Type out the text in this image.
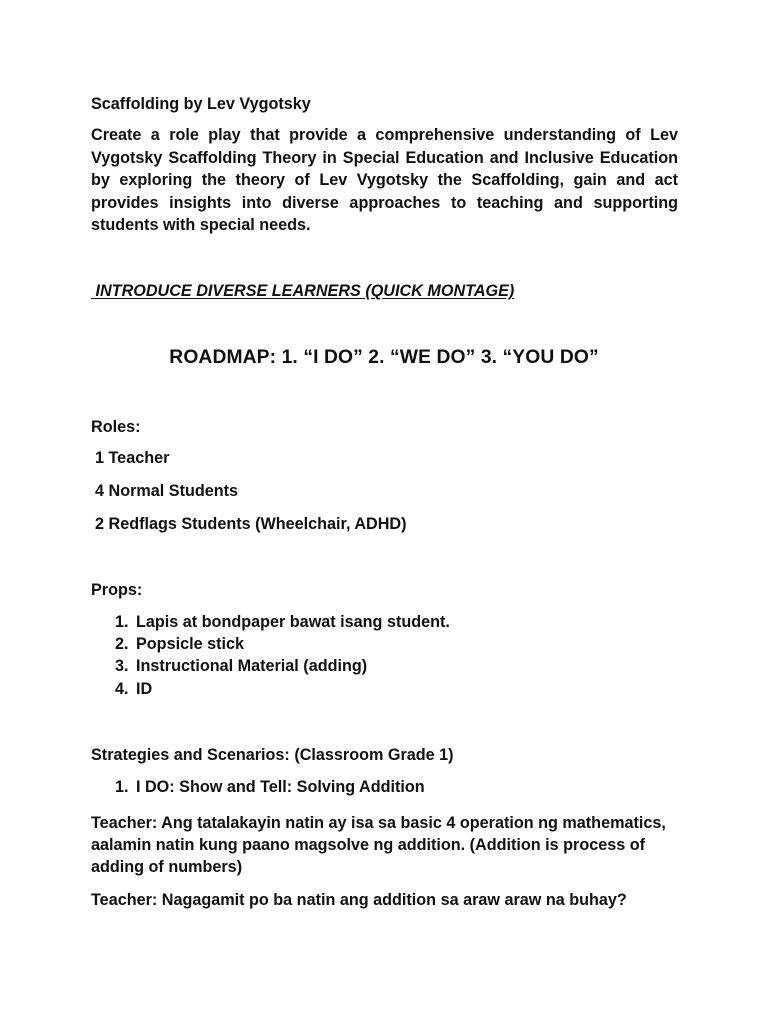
Scaffolding by Lev Vygotsky
Create a role play that provide a comprehensive understanding of Lev Vygotsky Scaffolding Theory in Special Education and Inclusive Education by exploring the theory of Lev Vygotsky the Scaffolding, gain and act provides insights into diverse approaches to teaching and supporting students with special needs.
INTRODUCE DIVERSE LEARNERS (QUICK MONTAGE)
ROADMAP: 1. “I DO” 2. “WE DO” 3. “YOU DO”
Roles:
1 Teacher
4 Normal Students
2 Redflags Students (Wheelchair, ADHD)
Props:
1. Lapis at bondpaper bawat isang student.
2. Popsicle stick
3. Instructional Material (adding)
4. ID
Strategies and Scenarios: (Classroom Grade 1)
1. I DO: Show and Tell: Solving Addition
Teacher: Ang tatalakayin natin ay isa sa basic 4 operation ng mathematics, aalamin natin kung paano magsolve ng addition. (Addition is process of adding of numbers)
Teacher: Nagagamit po ba natin ang addition sa araw araw na buhay?
